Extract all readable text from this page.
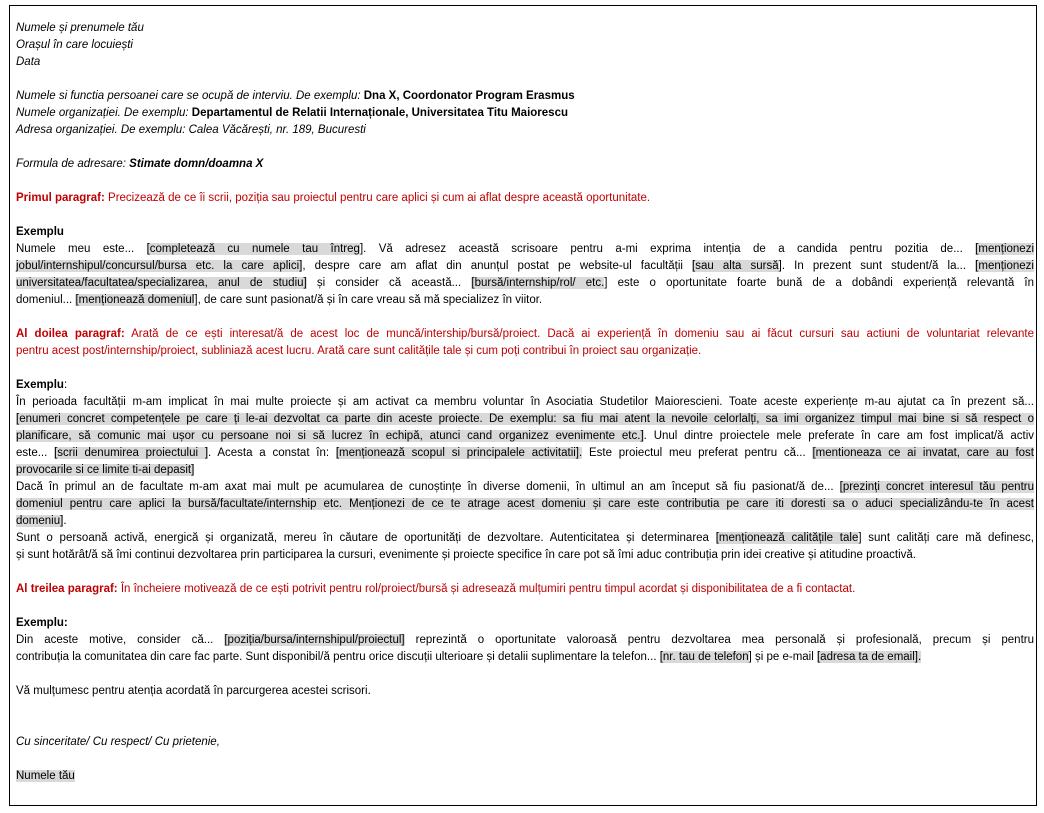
Numele și prenumele tău
Orașul în care locuiești
Data
Numele si functia persoanei care se ocupă de interviu. De exemplu: Dna X, Coordonator Program Erasmus
Numele organizației. De exemplu: Departamentul de Relatii Internaționale, Universitatea Titu Maiorescu
Adresa organizației. De exemplu: Calea Văcărești, nr. 189, Bucuresti
Formula de adresare: Stimate domn/doamna X
Primul paragraf: Precizează de ce îi scrii, poziția sau proiectul pentru care aplici și cum ai aflat despre această oportunitate.
Exemplu
Numele meu este... [completează cu numele tau întreg]. Vă adresez această scrisoare pentru a-mi exprima intenția de a candida pentru pozitia de... [menționezi
jobul/internshipul/concursul/bursa etc. la care aplici], despre care am aflat din anunțul postat pe website-ul facultății [sau alta sursă]. In prezent sunt student/ă la... [menționezi
universitatea/facultatea/specializarea, anul de studiu] și consider că această... [bursă/internship/rol/ etc.] este o oportunitate foarte bună de a dobândi experiență relevantă în
domeniul... [menționează domeniul], de care sunt pasionat/ă și în care vreau să mă specializez în viitor.
Al doilea paragraf: Arată de ce ești interesat/ă de acest loc de muncă/intership/bursă/proiect. Dacă ai experiență în domeniu sau ai făcut cursuri sau actiuni de voluntariat relevante
pentru acest post/internship/proiect, subliniază acest lucru. Arată care sunt calitățile tale și cum poți contribui în proiect sau organizație.
Exemplu:
În perioada facultății m-am implicat în mai multe proiecte și am activat ca membru voluntar în Asociatia Studetilor Maiorescieni. Toate aceste experiențe m-au ajutat ca în prezent să...
[enumeri concret competențele pe care ți le-ai dezvoltat ca parte din aceste proiecte. De exemplu: sa fiu mai atent la nevoile celorlalți, sa imi organizez timpul mai bine si să respect o
planificare, să comunic mai ușor cu persoane noi si să lucrez în echipă, atunci cand organizez evenimente etc.]. Unul dintre proiectele mele preferate în care am fost implicat/ă activ
este... [scrii denumirea proiectului ]. Acesta a constat în: [menționează scopul si principalele activitatii]. Este proiectul meu preferat pentru că... [mentioneaza ce ai invatat, care au fost
provocarile si ce limite ti-ai depasit]
Dacă în primul an de facultate m-am axat mai mult pe acumularea de cunoștințe în diverse domenii, în ultimul an am început să fiu pasionat/ă de... [prezinți concret interesul tău pentru
domeniul pentru care aplici la bursă/facultate/internship etc. Menționezi de ce te atrage acest domeniu și care este contributia pe care iti doresti sa o aduci specializându-te în acest
domeniu].
Sunt o persoană activă, energică și organizată, mereu în căutare de oportunități de dezvoltare. Autenticitatea și determinarea [menționează calitățile tale] sunt calități care mă definesc,
și sunt hotărât/ă să îmi continui dezvoltarea prin participarea la cursuri, evenimente și proiecte specifice în care pot să îmi aduc contribuția prin idei creative și atitudine proactivă.
Al treilea paragraf: În încheiere motivează de ce ești potrivit pentru rol/proiect/bursă și adresează mulțumiri pentru timpul acordat și disponibilitatea de a fi contactat.
Exemplu:
Din aceste motive, consider că... [poziția/bursa/internshipul/proiectul] reprezintă o oportunitate valoroasă pentru dezvoltarea mea personală și profesională, precum și pentru
contribuția la comunitatea din care fac parte. Sunt disponibil/ă pentru orice discuții ulterioare și detalii suplimentare la telefon... [nr. tau de telefon] și pe e-mail [adresa ta de email].
Vă mulțumesc pentru atenția acordată în parcurgerea acestei scrisori.
Cu sinceritate/ Cu respect/ Cu prietenie,
Numele tău
